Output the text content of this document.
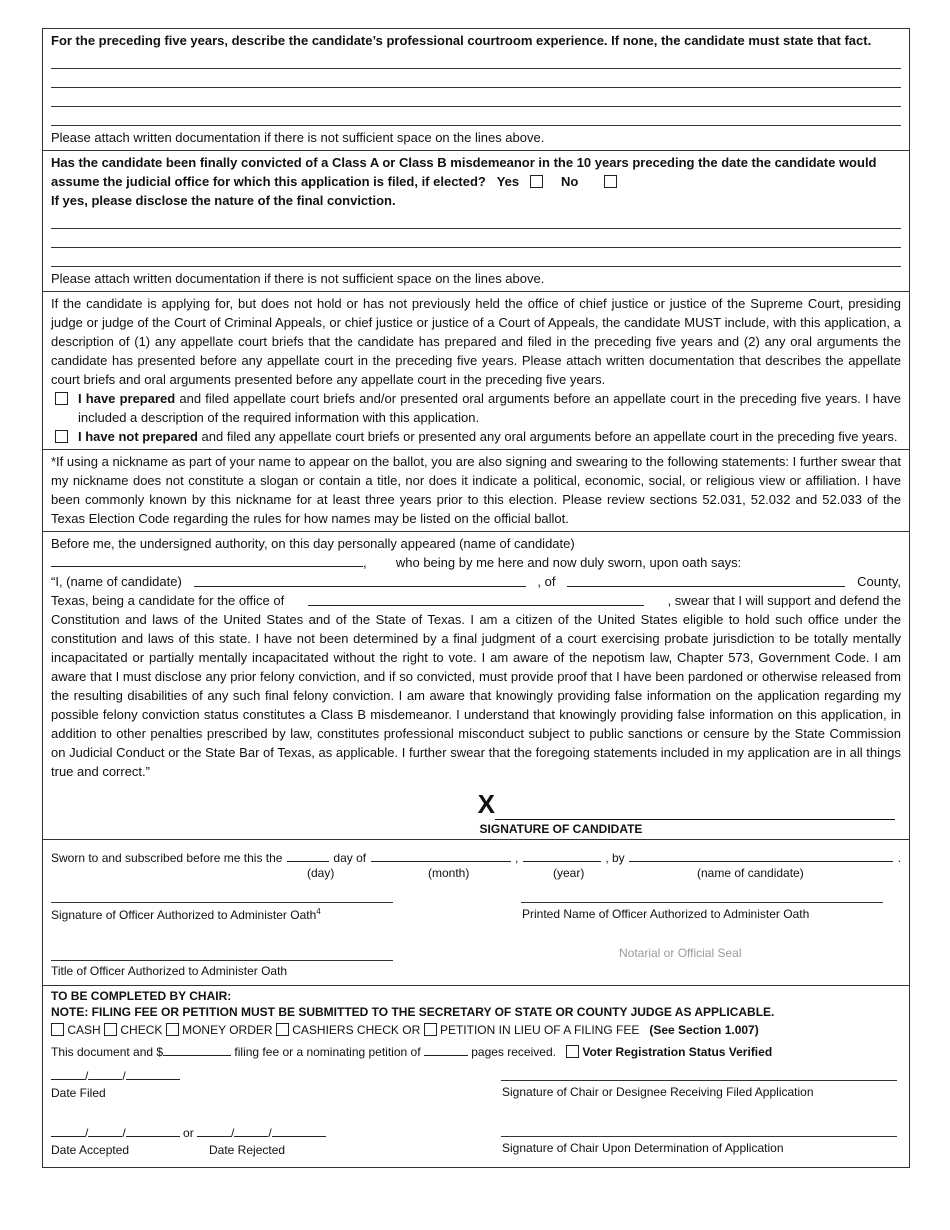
For the preceding five years, describe the candidate’s professional courtroom experience. If none, the candidate must state that fact.
Please attach written documentation if there is not sufficient space on the lines above.
Has the candidate been finally convicted of a Class A or Class B misdemeanor in the 10 years preceding the date the candidate would assume the judicial office for which this application is filed, if elected? Yes	No
If yes, please disclose the nature of the final conviction.
Please attach written documentation if there is not sufficient space on the lines above.
If the candidate is applying for, but does not hold or has not previously held the office of chief justice or justice of the Supreme Court, presiding judge or judge of the Court of Criminal Appeals, or chief justice or justice of a Court of Appeals, the candidate MUST include, with this application, a description of (1) any appellate court briefs that the candidate has prepared and filed in the preceding five years and (2) any oral arguments the candidate has presented before any appellate court in the preceding five years. Please attach written documentation that describes the appellate court briefs and oral arguments presented before any appellate court in the preceding five years.
I have prepared and filed appellate court briefs and/or presented oral arguments before an appellate court in the preceding five years. I have included a description of the required information with this application.
I have not prepared and filed any appellate court briefs or presented any oral arguments before an appellate court in the preceding five years.
*If using a nickname as part of your name to appear on the ballot, you are also signing and swearing to the following statements: I further swear that my nickname does not constitute a slogan or contain a title, nor does it indicate a political, economic, social, or religious view or affiliation. I have been commonly known by this nickname for at least three years prior to this election. Please review sections 52.031, 52.032 and 52.033 of the Texas Election Code regarding the rules for how names may be listed on the official ballot.
Before me, the undersigned authority, on this day personally appeared (name of candidate)
,  who being by me here and now duly sworn, upon oath says:
“I, (name of candidate)	, of	County,
Texas, being a candidate for the office of	, swear that I will support and defend the
Constitution and laws of the United States and of the State of Texas. I am a citizen of the United States eligible to hold such office under the constitution and laws of this state. I have not been determined by a final judgment of a court exercising probate jurisdiction to be totally mentally incapacitated or partially mentally incapacitated without the right to vote. I am aware of the nepotism law, Chapter 573, Government Code. I am aware that I must disclose any prior felony conviction, and if so convicted, must provide proof that I have been pardoned or otherwise released from the resulting disabilities of any such final felony conviction. I am aware that knowingly providing false information on the application regarding my possible felony conviction status constitutes a Class B misdemeanor. I understand that knowingly providing false information on this application, in addition to other penalties prescribed by law, constitutes professional misconduct subject to public sanctions or censure by the State Commission on Judicial Conduct or the State Bar of Texas, as applicable. I further swear that the foregoing statements included in my application are in all things true and correct.”
X
SIGNATURE OF CANDIDATE
Sworn to and subscribed before me this the	day of	,	, by	.
(day)	(month)	(year)	(name of candidate)
Signature of Officer Authorized to Administer Oath$^4$	Printed Name of Officer Authorized to Administer Oath
Notarial or Official Seal
Title of Officer Authorized to Administer Oath
TO BE COMPLETED BY CHAIR:
NOTE: FILING FEE OR PETITION MUST BE SUBMITTED TO THE SECRETARY OF STATE OR COUNTY JUDGE AS APPLICABLE.
CASH CHECK MONEY ORDER CASHIERS CHECK OR PETITION IN LIEU OF A FILING FEE (See Section 1.007)
This document and $	filing fee or a nominating petition of	pages received. Voter Registration Status Verified
/	/
Date Filed	Signature of Chair or Designee Receiving Filed Application
/	/	or	/	/
Date Accepted	Date Rejected	Signature of Chair Upon Determination of Application
